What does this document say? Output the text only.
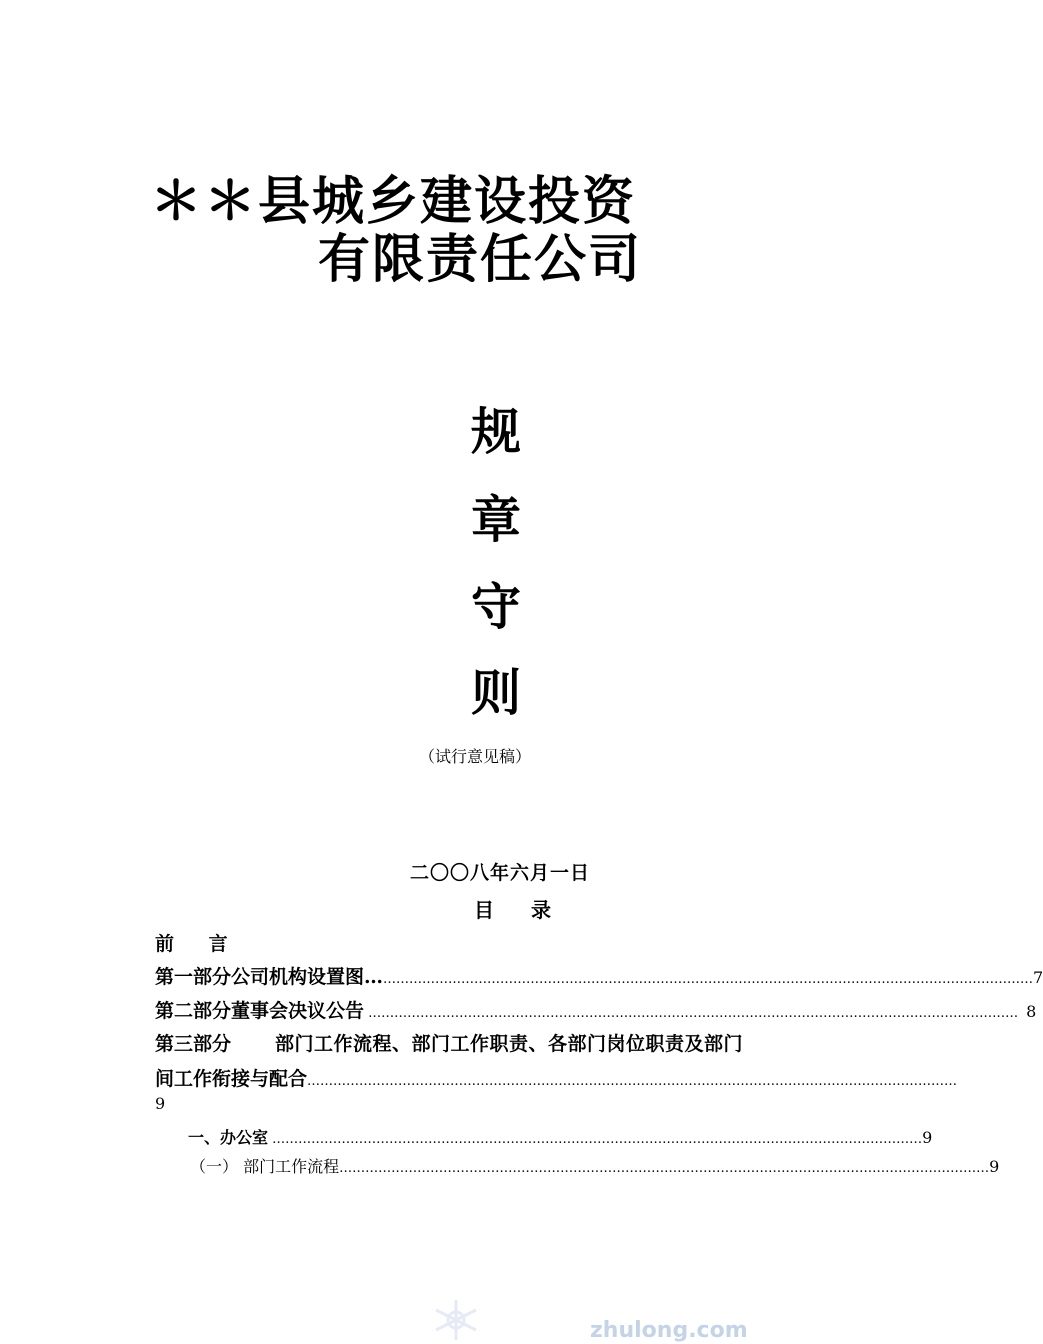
＊＊县城乡建设投资
有限责任公司
规
章
守
则
（试行意见稿）
二〇〇八年六月一日
目 录
前 言
第一部分 公司机构设置图… …………………………………………………………………………………………………………………………………… 7
第二部分 董事会决议公告 …………………………………………………………………………………………………………………………………… 8
第三部分 部门工作流程、部门工作职责、各部门岗位职责及部门
间工作衔接与配合 ……………………………………………………………………………………………………………………………………
9
一、办公室 …………………………………………………………………………………………………………………………………… 9
（一） 部门工作流程 …………………………………………………………………………………………………………………………………… 9
zhulong.com
